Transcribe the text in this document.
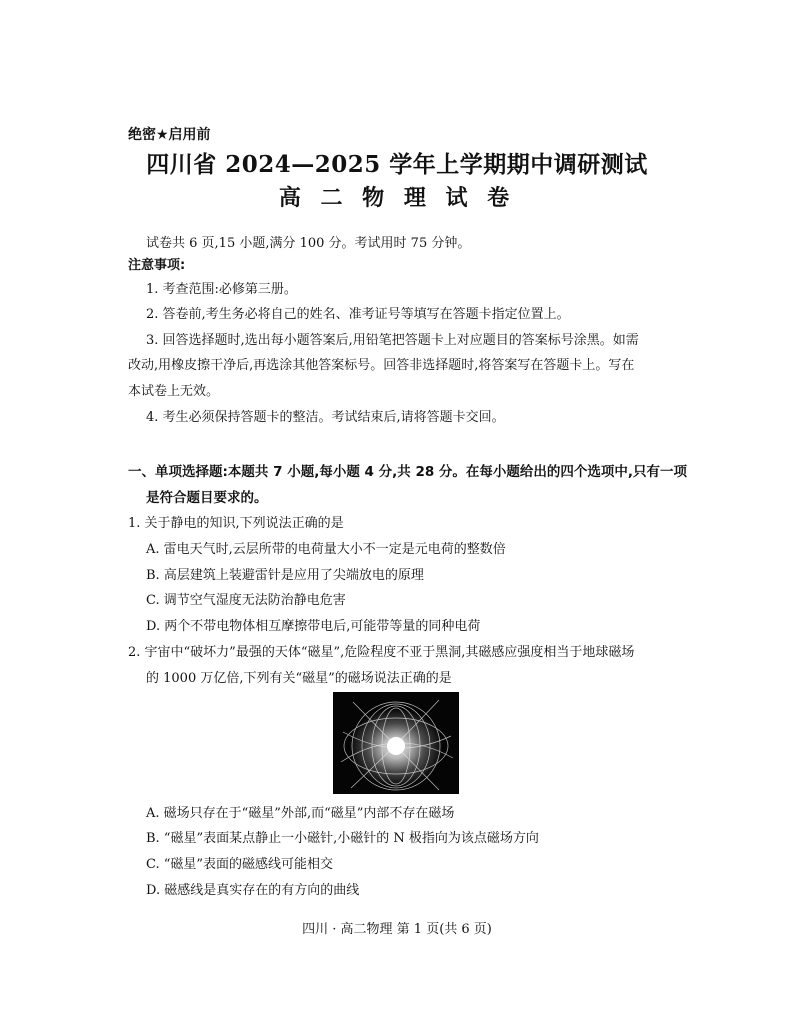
绝密★启用前
四川省 2024—2025 学年上学期期中调研测试
高 二 物 理 试 卷
试卷共 6 页,15 小题,满分 100 分。考试用时 75 分钟。
注意事项:
1. 考查范围:必修第三册。
2. 答卷前,考生务必将自己的姓名、准考证号等填写在答题卡指定位置上。
3. 回答选择题时,选出每小题答案后,用铅笔把答题卡上对应题目的答案标号涂黑。如需
改动,用橡皮擦干净后,再选涂其他答案标号。回答非选择题时,将答案写在答题卡上。写在
本试卷上无效。
4. 考生必须保持答题卡的整洁。考试结束后,请将答题卡交回。
一、单项选择题:本题共 7 小题,每小题 4 分,共 28 分。在每小题给出的四个选项中,只有一项
是符合题目要求的。
1. 关于静电的知识,下列说法正确的是
A. 雷电天气时,云层所带的电荷量大小不一定是元电荷的整数倍
B. 高层建筑上装避雷针是应用了尖端放电的原理
C. 调节空气湿度无法防治静电危害
D. 两个不带电物体相互摩擦带电后,可能带等量的同种电荷
2. 宇宙中“破坏力”最强的天体“磁星”,危险程度不亚于黑洞,其磁感应强度相当于地球磁场
的 1000 万亿倍,下列有关“磁星”的磁场说法正确的是
A. 磁场只存在于“磁星”外部,而“磁星”内部不存在磁场
B. “磁星”表面某点静止一小磁针,小磁针的 N 极指向为该点磁场方向
C. “磁星”表面的磁感线可能相交
D. 磁感线是真实存在的有方向的曲线
四川 · 高二物理 第 1 页(共 6 页)
